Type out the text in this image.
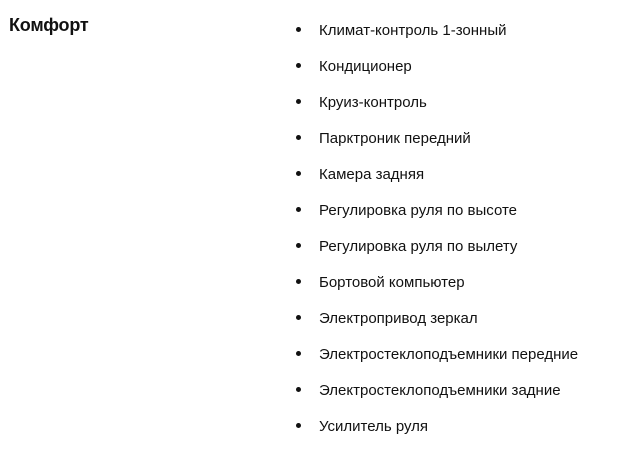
Комфорт	Климат-контроль 1-зонный
Кондиционер
Круиз-контроль
Парктроник передний
Камера задняя
Регулировка руля по высоте
Регулировка руля по вылету
Бортовой компьютер
Электропривод зеркал
Электростеклоподъемники передние
Электростеклоподъемники задние
Усилитель руля
